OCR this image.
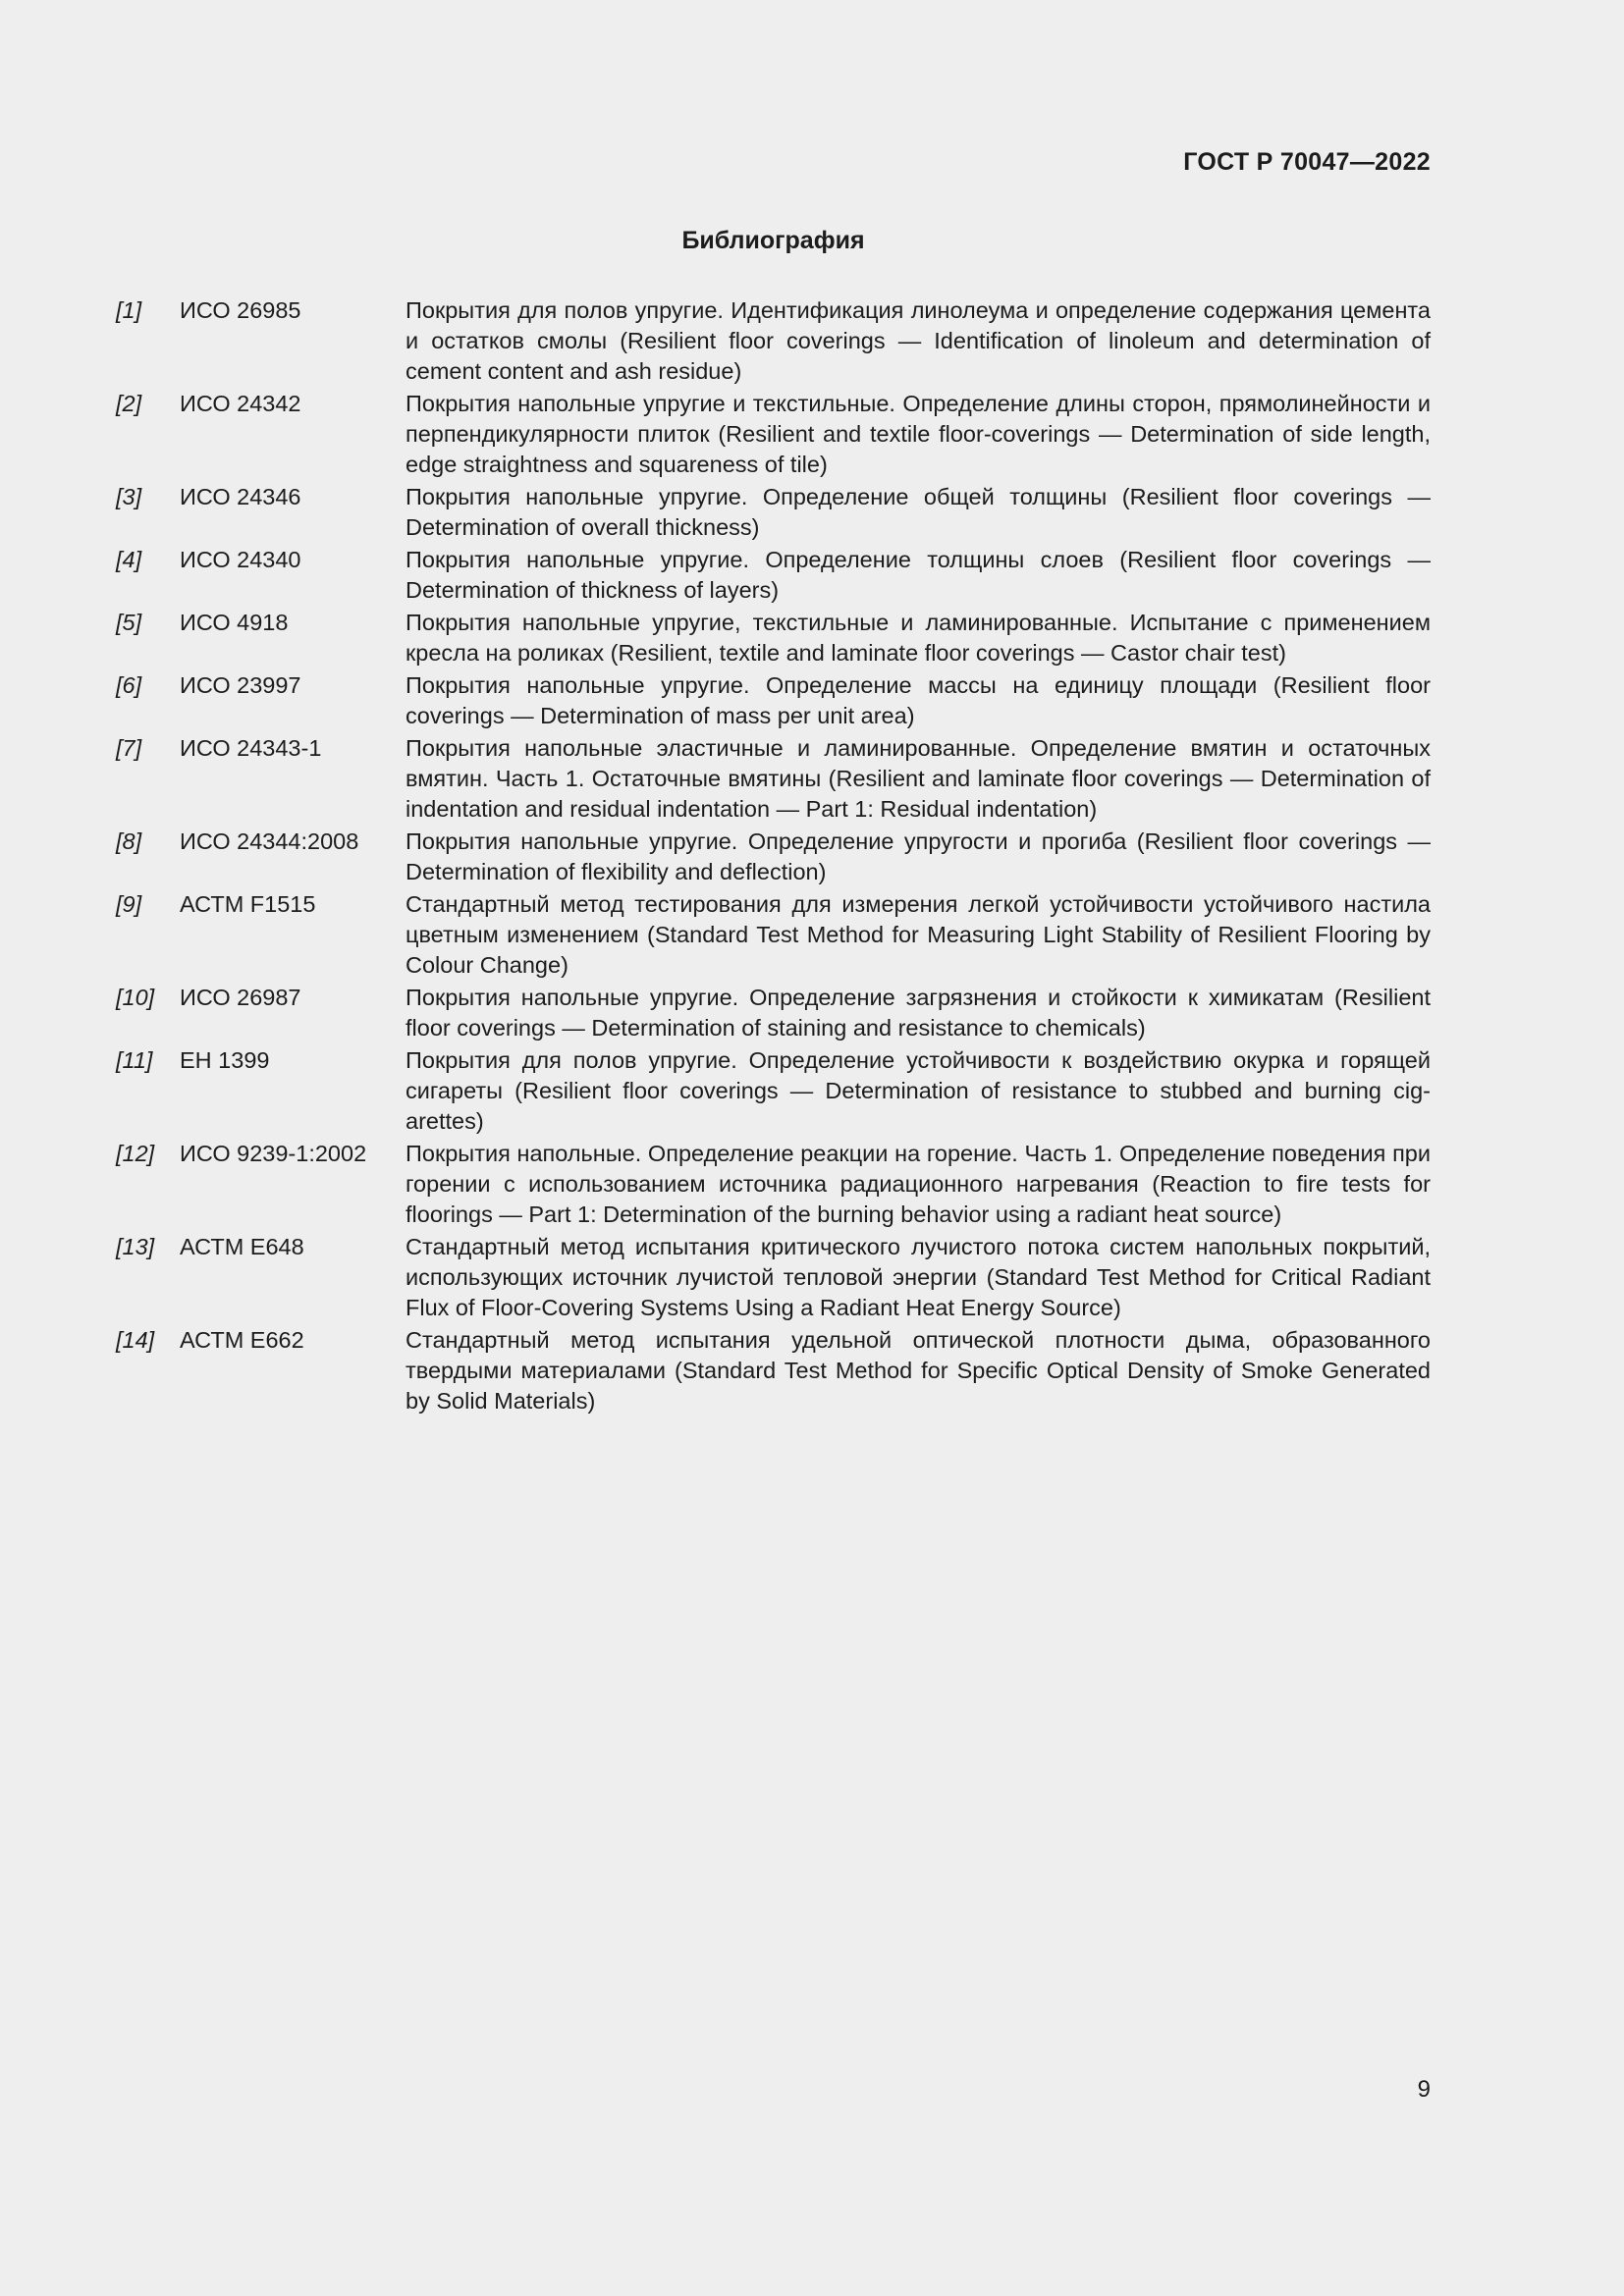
ГОСТ Р 70047—2022
Библиография
[1]	ИСО 26985	Покрытия для полов упругие. Идентификация линолеума и определение содержания цемента и остатков смолы (Resilient floor coverings — Identification of linoleum and determination of cement content and ash residue)
[2]	ИСО 24342	Покрытия напольные упругие и текстильные. Определение длины сторон, прямолинейности и перпендикулярности плиток (Resilient and textile floor-coverings — Determination of side length, edge straightness and squareness of tile)
[3]	ИСО 24346	Покрытия напольные упругие. Определение общей толщины (Resilient floor coverings — Determination of overall thickness)
[4]	ИСО 24340	Покрытия напольные упругие. Определение толщины слоев (Resilient floor coverings — Determination of thickness of layers)
[5]	ИСО 4918	Покрытия напольные упругие, текстильные и ламинированные. Испытание с применением кресла на роликах (Resilient, textile and laminate floor coverings — Castor chair test)
[6]	ИСО 23997	Покрытия напольные упругие. Определение массы на единицу площади (Resilient floor coverings — Determination of mass per unit area)
[7]	ИСО 24343-1	Покрытия напольные эластичные и ламинированные. Определение вмятин и остаточных вмятин. Часть 1. Остаточные вмятины (Resilient and laminate floor coverings — Determination of indentation and residual indentation — Part 1: Residual indentation)
[8]	ИСО 24344:2008	Покрытия напольные упругие. Определение упругости и прогиба (Resilient floor coverings — Determination of flexibility and deflection)
[9]	АСТМ F1515	Стандартный метод тестирования для измерения легкой устойчивости устойчивого настила цветным изменением (Standard Test Method for Measuring Light Stability of Resilient Flooring by Colour Change)
[10]	ИСО 26987	Покрытия напольные упругие. Определение загрязнения и стойкости к химикатам (Resilient floor coverings — Determination of staining and resistance to chemicals)
[11]	ЕН 1399	Покрытия для полов упругие. Определение устойчивости к воздействию окурка и горящей сигареты (Resilient floor coverings — Determination of resistance to stubbed and burning cigarettes)
[12]	ИСО 9239-1:2002	Покрытия напольные. Определение реакции на горение. Часть 1. Определение поведения при горении с использованием источника радиационного нагревания (Reaction to fire tests for floorings — Part 1: Determination of the burning behavior using a radiant heat source)
[13]	АСТМ E648	Стандартный метод испытания критического лучистого потока систем напольных покрытий, использующих источник лучистой тепловой энергии (Standard Test Method for Critical Radiant Flux of Floor-Covering Systems Using a Radiant Heat Energy Source)
[14]	АСТМ E662	Стандартный метод испытания удельной оптической плотности дыма, образованного твердыми материалами (Standard Test Method for Specific Optical Density of Smoke Generated by Solid Materials)
9
